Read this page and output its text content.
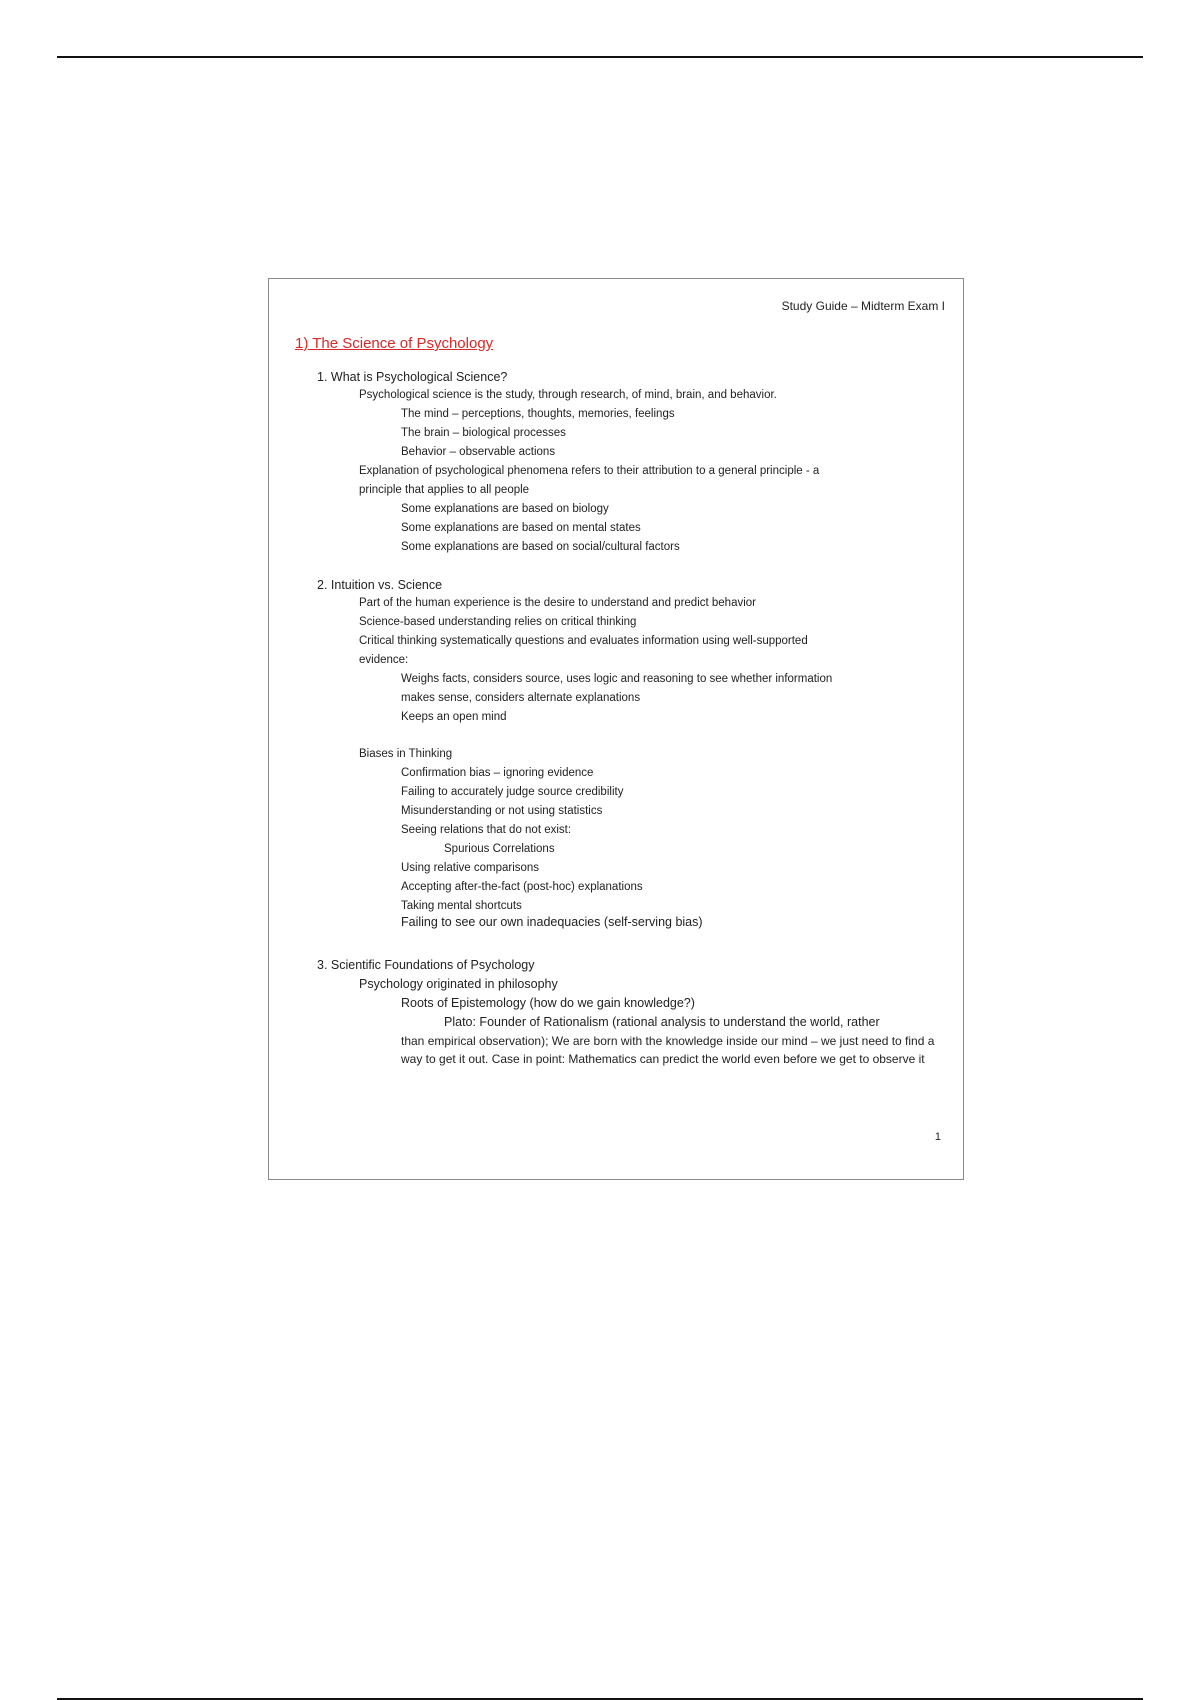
Study Guide – Midterm Exam I
1) The Science of Psychology
1. What is Psychological Science?
Psychological science is the study, through research, of mind, brain, and behavior.
The mind – perceptions, thoughts, memories, feelings
The brain – biological processes
Behavior – observable actions
Explanation of psychological phenomena refers to their attribution to a general principle - a
principle that applies to all people
Some explanations are based on biology
Some explanations are based on mental states
Some explanations are based on social/cultural factors
2. Intuition vs. Science
Part of the human experience is the desire to understand and predict behavior
Science-based understanding relies on critical thinking
Critical thinking systematically questions and evaluates information using well-supported
evidence:
Weighs facts, considers source, uses logic and reasoning to see whether information
makes sense, considers alternate explanations
Keeps an open mind
Biases in Thinking
Confirmation bias – ignoring evidence
Failing to accurately judge source credibility
Misunderstanding or not using statistics
Seeing relations that do not exist:
Spurious Correlations
Using relative comparisons
Accepting after-the-fact (post-hoc) explanations
Taking mental shortcuts
Failing to see our own inadequacies (self-serving bias)
3. Scientific Foundations of Psychology
Psychology originated in philosophy
Roots of Epistemology (how do we gain knowledge?)
Plato: Founder of Rationalism (rational analysis to understand the world, rather
than empirical observation); We are born with the knowledge inside our mind – we just need to find a way to get it out. Case in point: Mathematics can predict the world even before we get to observe it
1
